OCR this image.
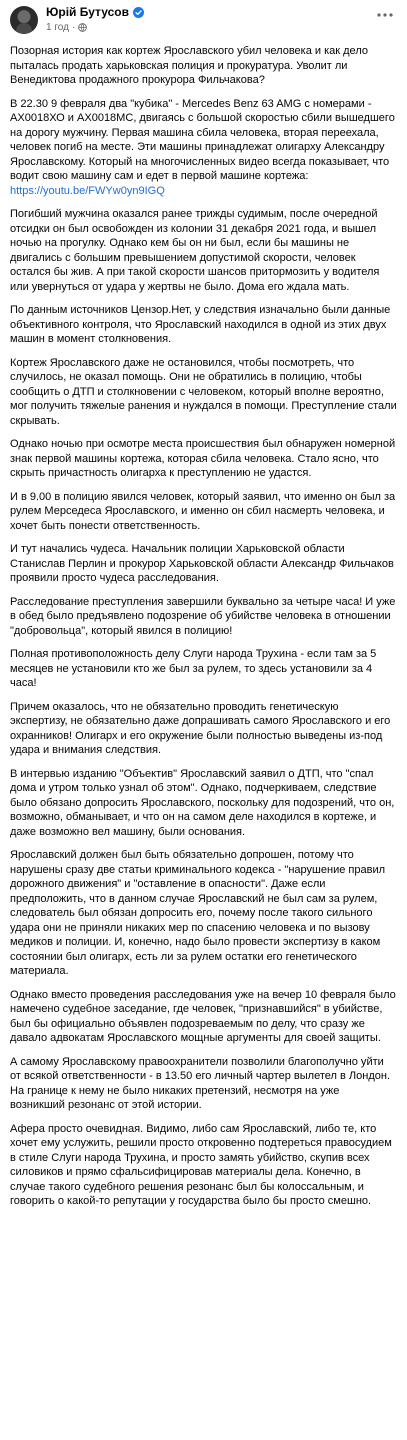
Юрій Бутусов
1 год ·

Позорная история как кортеж Ярославского убил человека и как дело пыталась продать харьковская полиция и прокуратура. Уволит ли Венедиктова продажного прокурора Фильчакова?

В 22.30 9 февраля два "кубика" - Mercedes Benz 63 AMG с номерами - АХ0018ХО и АХ0018МС, двигаясь с большой скоростью сбили вышедшего на дорогу мужчину. Первая машина сбила человека, вторая переехала, человек погиб на месте. Эти машины принадлежат олигарху Александру Ярославскому. Который на многочисленных видео всегда показывает, что водит свою машину сам и едет в первой машине кортежа:
https://youtu.be/FWYw0yn9IGQ

Погибший мужчина оказался ранее трижды судимым, после очередной отсидки он был освобожден из колонии 31 декабря 2021 года, и вышел ночью на прогулку. Однако кем бы он ни был, если бы машины не двигались с большим превышением допустимой скорости, человек остался бы жив. А при такой скорости шансов притормозить у водителя или увернуться от удара у жертвы не было. Дома его ждала мать.

По данным источников Цензор.Нет, у следствия изначально были данные объективного контроля, что Ярославский находился в одной из этих двух машин в момент столкновения.

Кортеж Ярославского даже не остановился, чтобы посмотреть, что случилось, не оказал помощь. Они не обратились в полицию, чтобы сообщить о ДТП и столкновении с человеком, который вполне вероятно, мог получить тяжелые ранения и нуждался в помощи. Преступление стали скрывать.

Однако ночью при осмотре места происшествия был обнаружен номерной знак первой машины кортежа, которая сбила человека. Стало ясно, что скрыть причастность олигарха к преступлению не удастся.

И в 9.00 в полицию явился человек, который заявил, что именно он был за рулем Мерседеса Ярославского, и именно он сбил насмерть человека, и хочет быть понести ответственность.

И тут начались чудеса. Начальник полиции Харьковской области Станислав Перлин и прокурор Харьковской области Александр Фильчаков проявили просто чудеса расследования.

Расследование преступления завершили буквально за четыре часа! И уже в обед было предъявлено подозрение об убийстве человека в отношении "добровольца", который явился в полицию!

Полная противоположность делу Слуги народа Трухина - если там за 5 месяцев не установили кто же был за рулем, то здесь установили за 4 часа!

Причем оказалось, что не обязательно проводить генетическую экспертизу, не обязательно даже допрашивать самого Ярославского и его охранников! Олигарх и его окружение были полностью выведены из-под удара и внимания следствия.

В интервью изданию "Объектив" Ярославский заявил о ДТП, что "спал дома и утром только узнал об этом". Однако, подчеркиваем, следствие было обязано допросить Ярославского, поскольку для подозрений, что он, возможно, обманывает, и что он на самом деле находился в кортеже, и даже возможно вел машину, были основания.

Ярославский должен был быть обязательно допрошен, потому что нарушены сразу две статьи криминального кодекса - "нарушение правил дорожного движения" и "оставление в опасности". Даже если предположить, что в данном случае Ярославский не был сам за рулем, следователь был обязан допросить его, почему после такого сильного удара они не приняли никаких мер по спасению человека и по вызову медиков и полиции. И, конечно, надо было провести экспертизу в каком состоянии был олигарх, есть ли за рулем остатки его генетического материала.

Однако вместо проведения расследования уже на вечер 10 февраля было намечено судебное заседание, где человек, "признавшийся" в убийстве, был бы официально объявлен подозреваемым по делу, что сразу же давало адвокатам Ярославского мощные аргументы для своей защиты.

А самому Ярославскому правоохранители позволили благополучно уйти от всякой ответственности - в 13.50 его личный чартер вылетел в Лондон. На границе к нему не было никаких претензий, несмотря на уже возникший резонанс от этой истории.

Афера просто очевидная. Видимо, либо сам Ярославский, либо те, кто хочет ему услужить, решили просто откровенно подтереться правосудием в стиле Слуги народа Трухина, и просто замять убийство, скупив всех силовиков и прямо сфальсифицировав материалы дела. Конечно, в случае такого судебного решения резонанс был бы колоссальным, и говорить о какой-то репутации у государства было бы просто смешно.
